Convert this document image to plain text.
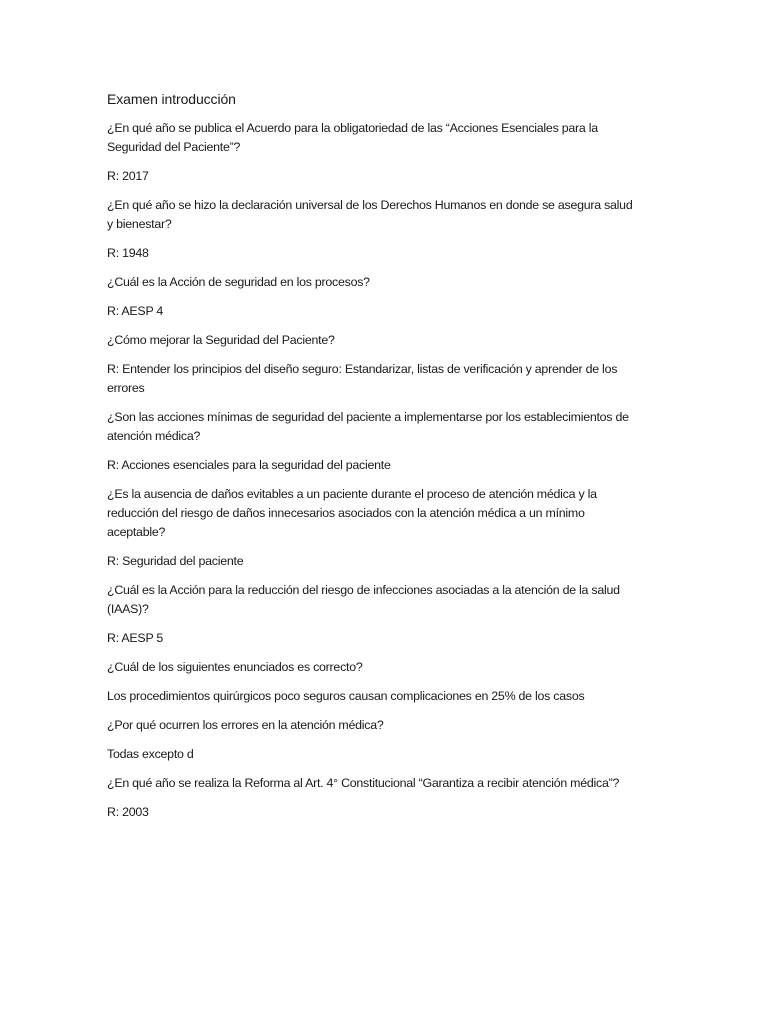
Examen introducción

¿En qué año se publica el Acuerdo para la obligatoriedad de las “Acciones Esenciales para la
Seguridad del Paciente”?

R: 2017

¿En qué año se hizo la declaración universal de los Derechos Humanos en donde se asegura salud
y bienestar?

R: 1948

¿Cuál es la Acción de seguridad en los procesos?

R: AESP 4

¿Cómo mejorar la Seguridad del Paciente?

R: Entender los principios del diseño seguro: Estandarizar, listas de verificación y aprender de los
errores

¿Son las acciones mínimas de seguridad del paciente a implementarse por los establecimientos de
atención médica?

R: Acciones esenciales para la seguridad del paciente

¿Es la ausencia de daños evitables a un paciente durante el proceso de atención médica y la
reducción del riesgo de daños innecesarios asociados con la atención médica a un mínimo
aceptable?

R: Seguridad del paciente

¿Cuál es la Acción para la reducción del riesgo de infecciones asociadas a la atención de la salud
(IAAS)?

R: AESP 5

¿Cuál de los siguientes enunciados es correcto?

Los procedimientos quirúrgicos poco seguros causan complicaciones en 25% de los casos

¿Por qué ocurren los errores en la atención médica?

Todas excepto d

¿En qué año se realiza la Reforma al Art. 4° Constitucional “Garantiza a recibir atención médica”?

R: 2003
